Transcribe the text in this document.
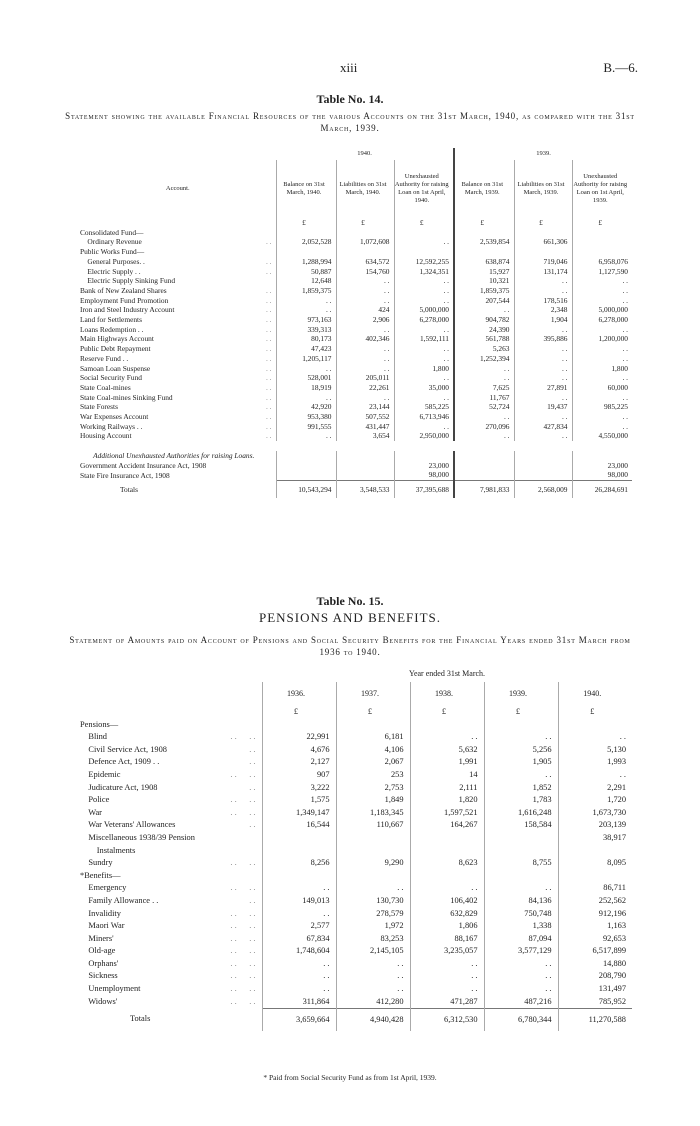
xiii	B.—6.
Table No. 14.
Statement showing the available Financial Resources of the various Accounts on the 31st March, 1940, as compared with the 31st March, 1939.
	1940.			1939.		
Account.	Balance on 31st March, 1940.	Liabilities on 31st March, 1940.	Unexhausted Authority for raising Loan on 1st April, 1940.	Balance on 31st March, 1939.	Liabilities on 31st March, 1939.	Unexhausted Authority for raising Loan on 1st April, 1939.
	£	£	£	£	£	£
Consolidated Fund—						
Ordinary Revenue . .	2,052,528	1,072,608	. .	2,539,854	661,306	
Public Works Fund—						
General Purposes. . . .	1,288,994	634,572	12,592,255	638,874	719,046	6,958,076
Electric Supply . . . .	50,887	154,760	1,324,351	15,927	131,174	1,127,590
Electric Supply Sinking Fund	12,648	. .	. .	10,321	. .	. .
Bank of New Zealand Shares . .	1,859,375	. .	. .	1,859,375	. .	. .
Employment Fund Promotion . .	. .	. .	. .	207,544	178,516	. .
Iron and Steel Industry Account . .	. .	424	5,000,000	. .	2,348	5,000,000
Land for Settlements . .	973,163	2,906	6,278,000	904,782	1,904	6,278,000
Loans Redemption . . . .	339,313	. .	. .	24,390	. .	. .
Main Highways Account . .	80,173	402,346	1,592,111	561,788	395,886	1,200,000
Public Debt Repayment . .	47,423	. .	. .	5,263	. .	. .
Reserve Fund . . . .	1,205,117	. .	. .	1,252,394	. .	. .
Samoan Loan Suspense . .	. .	. .	1,800	. .	. .	1,800
Social Security Fund . .	528,001	205,011	. .	. .	. .	. .
State Coal-mines . .	18,919	22,261	35,000	7,625	27,891	60,000
State Coal-mines Sinking Fund . .	. .	. .	. .	11,767	. .	. .
State Forests . .	42,920	23,144	585,225	52,724	19,437	985,225
War Expenses Account . .	953,380	507,552	6,713,946	. .	. .	. .
Working Railways . . . .	991,555	431,447	. .	270,096	427,834	. .
Housing Account . .	. .	3,654	2,950,000	. .	. .	4,550,000

Additional Unexhausted Authorities for raising Loans.						
Government Accident Insurance Act, 1908			23,000			23,000
State Fire Insurance Act, 1908			98,000			98,000
Totals	10,543,294	3,548,533	37,395,688	7,981,833	2,568,009	26,284,691
Table No. 15.
PENSIONS AND BENEFITS.
Statement of Amounts paid on Account of Pensions and Social Security Benefits for the Financial Years ended 31st March from 1936 to 1940.
	Year ended 31st March.				
	1936.	1937.	1938.	1939.	1940.
	£	£	£	£	£
Pensions—					
Blind . .      . .	22,991	6,181	. .	. .	. .
Civil Service Act, 1908 . .	4,676	4,106	5,632	5,256	5,130
Defence Act, 1909 . . . .	2,127	2,067	1,991	1,905	1,993
Epidemic . .      . .	907	253	14	. .	. .
Judicature Act, 1908 . .	3,222	2,753	2,111	1,852	2,291
Police . .      . .	1,575	1,849	1,820	1,783	1,720
War . .      . .	1,349,147	1,183,345	1,597,521	1,616,248	1,673,730
War Veterans' Allowances . .	16,544	110,667	164,267	158,584	203,139
Miscellaneous 1938/39 Pension					38,917
Instalments					
Sundry . .      . .	8,256	9,290	8,623	8,755	8,095
*Benefits—					
Emergency . .      . .	. .	. .	. .	. .	86,711
Family Allowance . . . .	149,013	130,730	106,402	84,136	252,562
Invalidity . .      . .	. .	278,579	632,829	750,748	912,196
Maori War . .      . .	2,577	1,972	1,806	1,338	1,163
Miners' . .      . .	67,834	83,253	88,167	87,094	92,653
Old-age . .      . .	1,748,604	2,145,105	3,235,057	3,577,129	6,517,899
Orphans' . .      . .	. .	. .	. .	. .	14,880
Sickness . .      . .	. .	. .	. .	. .	208,790
Unemployment . .      . .	. .	. .	. .	. .	131,497
Widows' . .      . .	311,864	412,280	471,287	487,216	785,952
Totals	3,659,664	4,940,428	6,312,530	6,780,344	11,270,588
* Paid from Social Security Fund as from 1st April, 1939.
